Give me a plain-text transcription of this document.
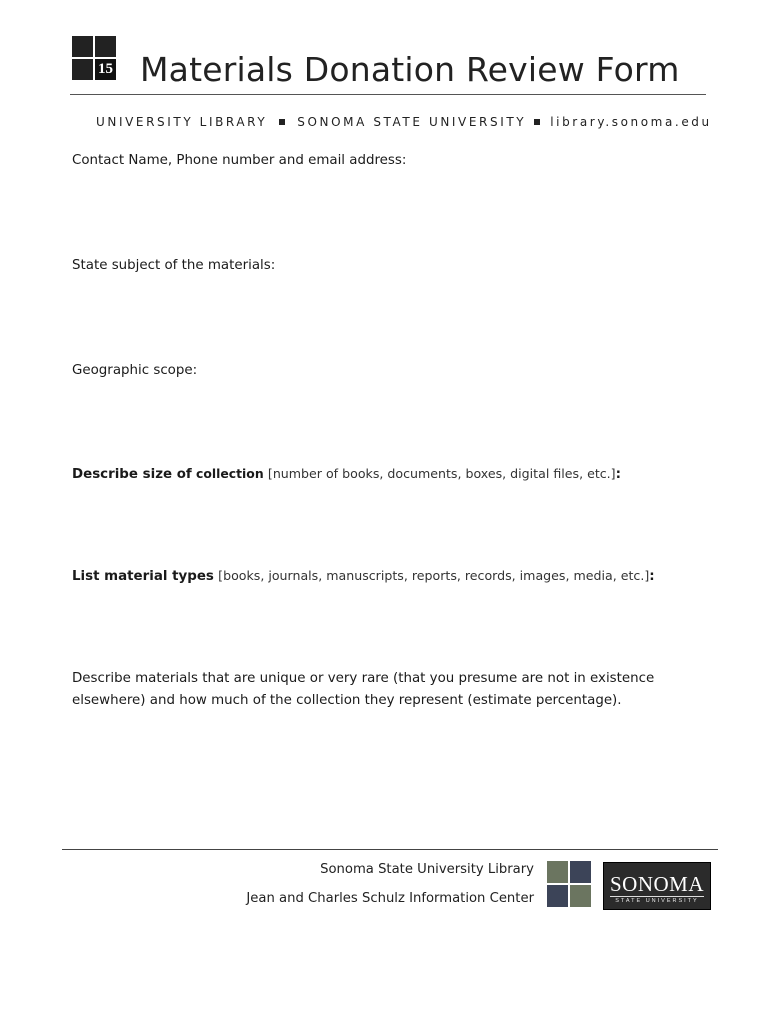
15 Materials Donation Review Form
UNIVERSITY LIBRARY	SONOMA STATE UNIVERSITY library.sonoma.edu
Contact Name, Phone number and email address:
State subject of the materials:
Geographic scope:
Describe size of collection [number of books, documents, boxes, digital files, etc.]:
List material types [books, journals, manuscripts, reports, records, images, media, etc.]:
Describe materials that are unique or very rare (that you presume are not in existence elsewhere) and how much of the collection they represent (estimate percentage).
Sonoma State University Library
Jean and Charles Schulz Information Center
SONOMA
STATE UNIVERSITY
